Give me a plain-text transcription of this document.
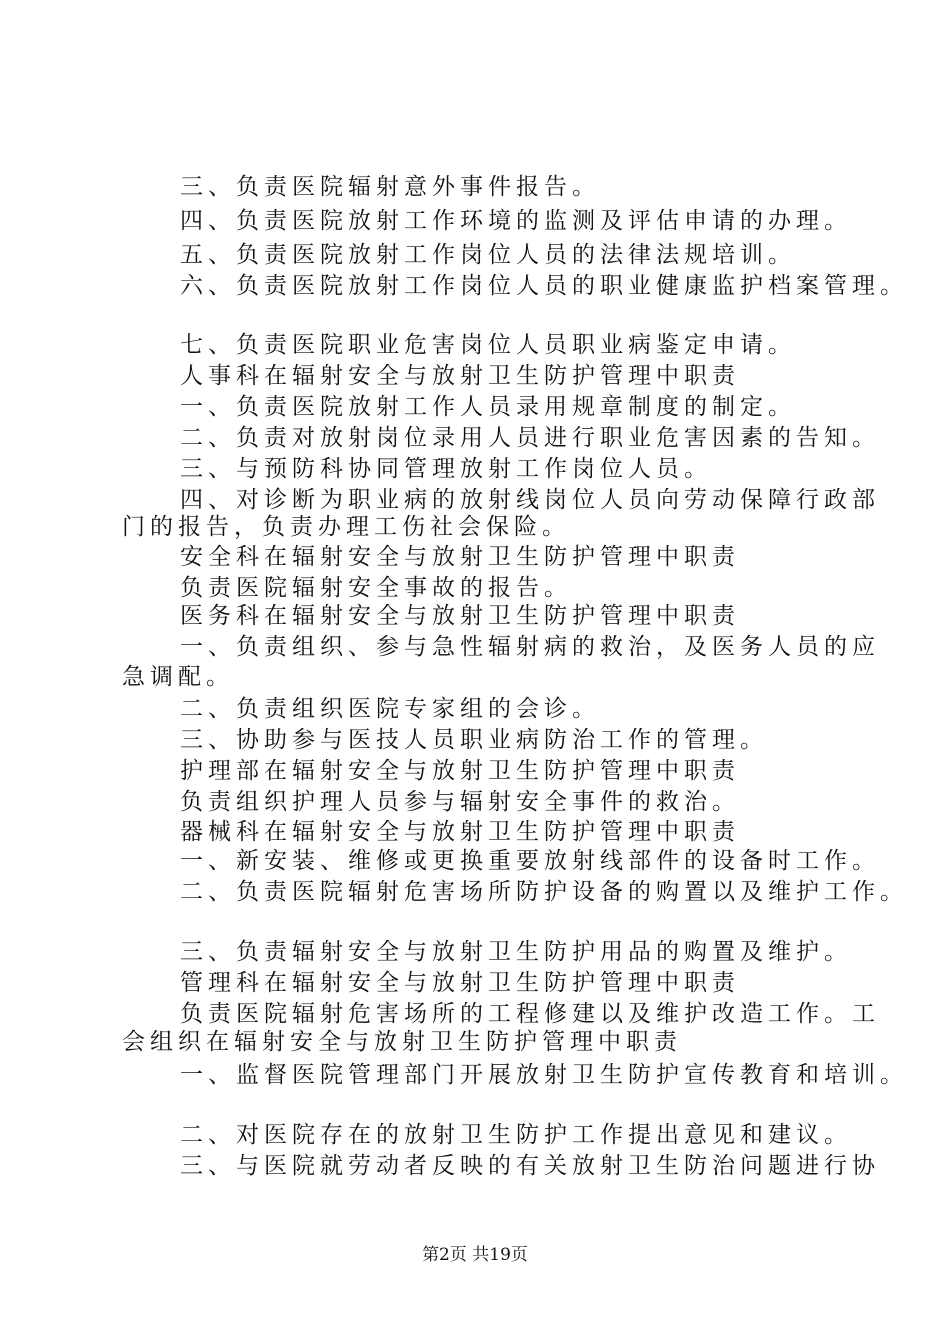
三、负责医院辐射意外事件报告。
四、负责医院放射工作环境的监测及评估申请的办理。
五、负责医院放射工作岗位人员的法律法规培训。
六、负责医院放射工作岗位人员的职业健康监护档案管理。
七、负责医院职业危害岗位人员职业病鉴定申请。
人事科在辐射安全与放射卫生防护管理中职责
一、负责医院放射工作人员录用规章制度的制定。
二、负责对放射岗位录用人员进行职业危害因素的告知。
三、与预防科协同管理放射工作岗位人员。
四、对诊断为职业病的放射线岗位人员向劳动保障行政部
门的报告，负责办理工伤社会保险。
安全科在辐射安全与放射卫生防护管理中职责
负责医院辐射安全事故的报告。
医务科在辐射安全与放射卫生防护管理中职责
一、负责组织、参与急性辐射病的救治，及医务人员的应
急调配。
二、负责组织医院专家组的会诊。
三、协助参与医技人员职业病防治工作的管理。
护理部在辐射安全与放射卫生防护管理中职责
负责组织护理人员参与辐射安全事件的救治。
器械科在辐射安全与放射卫生防护管理中职责
一、新安装、维修或更换重要放射线部件的设备时工作。
二、负责医院辐射危害场所防护设备的购置以及维护工作。
三、负责辐射安全与放射卫生防护用品的购置及维护。
管理科在辐射安全与放射卫生防护管理中职责
负责医院辐射危害场所的工程修建以及维护改造工作。工
会组织在辐射安全与放射卫生防护管理中职责
一、监督医院管理部门开展放射卫生防护宣传教育和培训。
二、对医院存在的放射卫生防护工作提出意见和建议。
三、与医院就劳动者反映的有关放射卫生防治问题进行协
第2页 共19页
